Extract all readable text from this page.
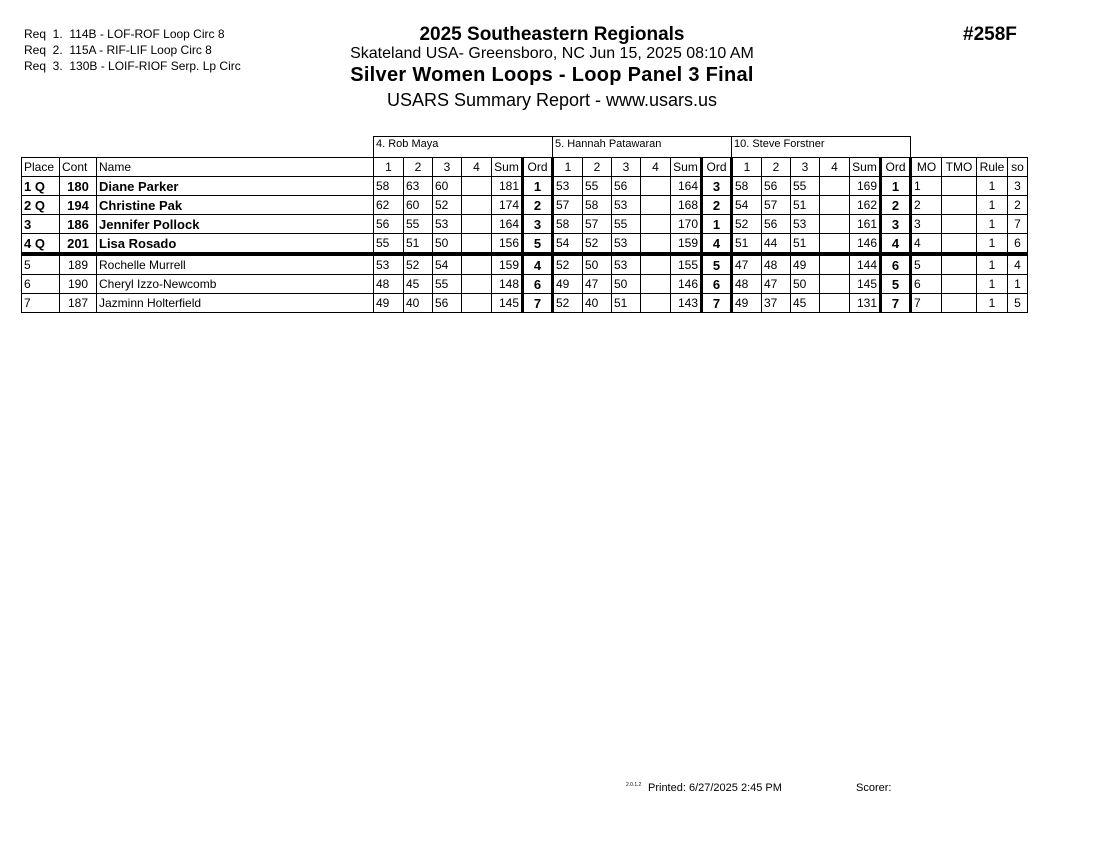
Req  1.  114B - LOF-ROF Loop Circ 8
Req  2.  115A - RIF-LIF Loop Circ 8
Req  3.  130B - LOIF-RIOF Serp. Lp Circ
2025 Southeastern Regionals
Skateland USA- Greensboro, NC Jun 15, 2025 08:10 AM
Silver Women Loops - Loop Panel 3 Final
USARS Summary Report - www.usars.us
#258F
			4. Rob Maya						5. Hannah Patawaran						10. Steve Forstner									
Place	Cont	Name	1	2	3	4	Sum	Ord	1	2	3	4	Sum	Ord	1	2	3	4	Sum	Ord	MO	TMO	Rule	so
1 Q	180	Diane Parker	58	63	60		181	1	53	55	56		164	3	58	56	55		169	1	1		1	3
2 Q	194	Christine Pak	62	60	52		174	2	57	58	53		168	2	54	57	51		162	2	2		1	2
3	186	Jennifer Pollock	56	55	53		164	3	58	57	55		170	1	52	56	53		161	3	3		1	7
4 Q	201	Lisa Rosado	55	51	50		156	5	54	52	53		159	4	51	44	51		146	4	4		1	6
5	189	Rochelle Murrell	53	52	54		159	4	52	50	53		155	5	47	48	49		144	6	5		1	4
6	190	Cheryl Izzo-Newcomb	48	45	55		148	6	49	47	50		146	6	48	47	50		145	5	6		1	1
7	187	Jazminn Holterfield	49	40	56		145	7	52	40	51		143	7	49	37	45		131	7	7		1	5
2.0.1.2 Printed: 6/27/2025 2:45 PM	Scorer:
